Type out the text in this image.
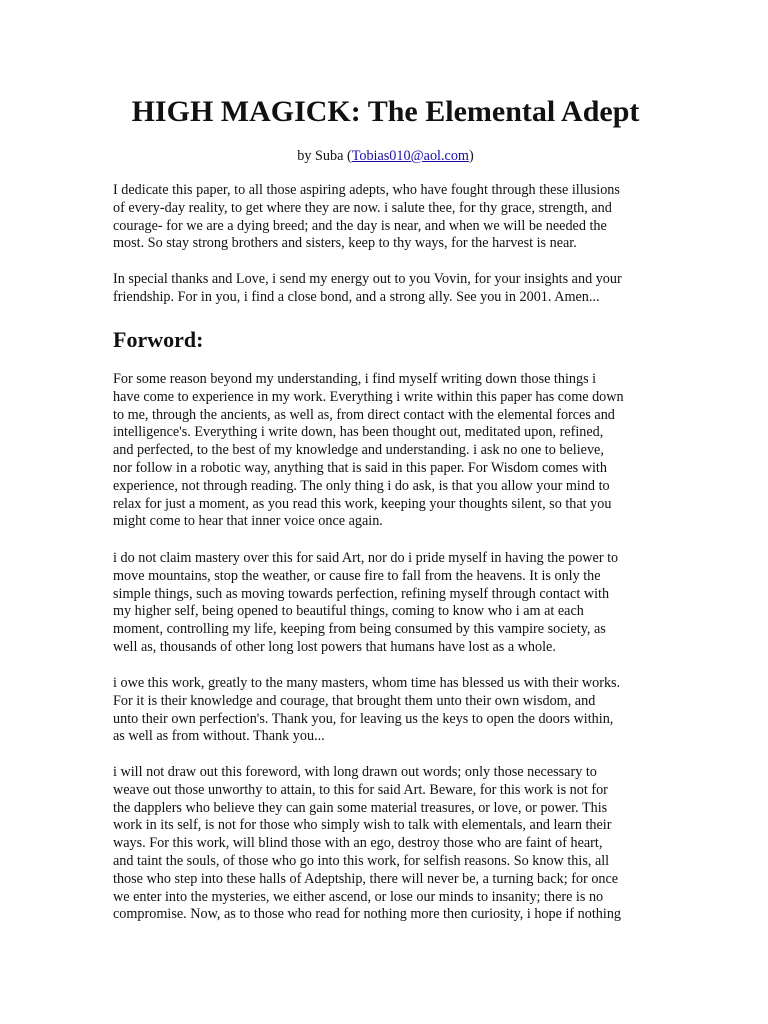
HIGH MAGICK: The Elemental Adept

by Suba (Tobias010@aol.com)

I dedicate this paper, to all those aspiring adepts, who have fought through these illusions
of every-day reality, to get where they are now. i salute thee, for thy grace, strength, and
courage- for we are a dying breed; and the day is near, and when we will be needed the
most. So stay strong brothers and sisters, keep to thy ways, for the harvest is near.
In special thanks and Love, i send my energy out to you Vovin, for your insights and your
friendship. For in you, i find a close bond, and a strong ally. See you in 2001. Amen...
Forword:
For some reason beyond my understanding, i find myself writing down those things i
have come to experience in my work. Everything i write within this paper has come down
to me, through the ancients, as well as, from direct contact with the elemental forces and
intelligence's. Everything i write down, has been thought out, meditated upon, refined,
and perfected, to the best of my knowledge and understanding. i ask no one to believe,
nor follow in a robotic way, anything that is said in this paper. For Wisdom comes with
experience, not through reading. The only thing i do ask, is that you allow your mind to
relax for just a moment, as you read this work, keeping your thoughts silent, so that you
might come to hear that inner voice once again.
i do not claim mastery over this for said Art, nor do i pride myself in having the power to
move mountains, stop the weather, or cause fire to fall from the heavens. It is only the
simple things, such as moving towards perfection, refining myself through contact with
my higher self, being opened to beautiful things, coming to know who i am at each
moment, controlling my life, keeping from being consumed by this vampire society, as
well as, thousands of other long lost powers that humans have lost as a whole.
i owe this work, greatly to the many masters, whom time has blessed us with their works.
For it is their knowledge and courage, that brought them unto their own wisdom, and
unto their own perfection's. Thank you, for leaving us the keys to open the doors within,
as well as from without. Thank you...
i will not draw out this foreword, with long drawn out words; only those necessary to
weave out those unworthy to attain, to this for said Art. Beware, for this work is not for
the dapplers who believe they can gain some material treasures, or love, or power. This
work in its self, is not for those who simply wish to talk with elementals, and learn their
ways. For this work, will blind those with an ego, destroy those who are faint of heart,
and taint the souls, of those who go into this work, for selfish reasons. So know this, all
those who step into these halls of Adeptship, there will never be, a turning back; for once
we enter into the mysteries, we either ascend, or lose our minds to insanity; there is no
compromise. Now, as to those who read for nothing more then curiosity, i hope if nothing
